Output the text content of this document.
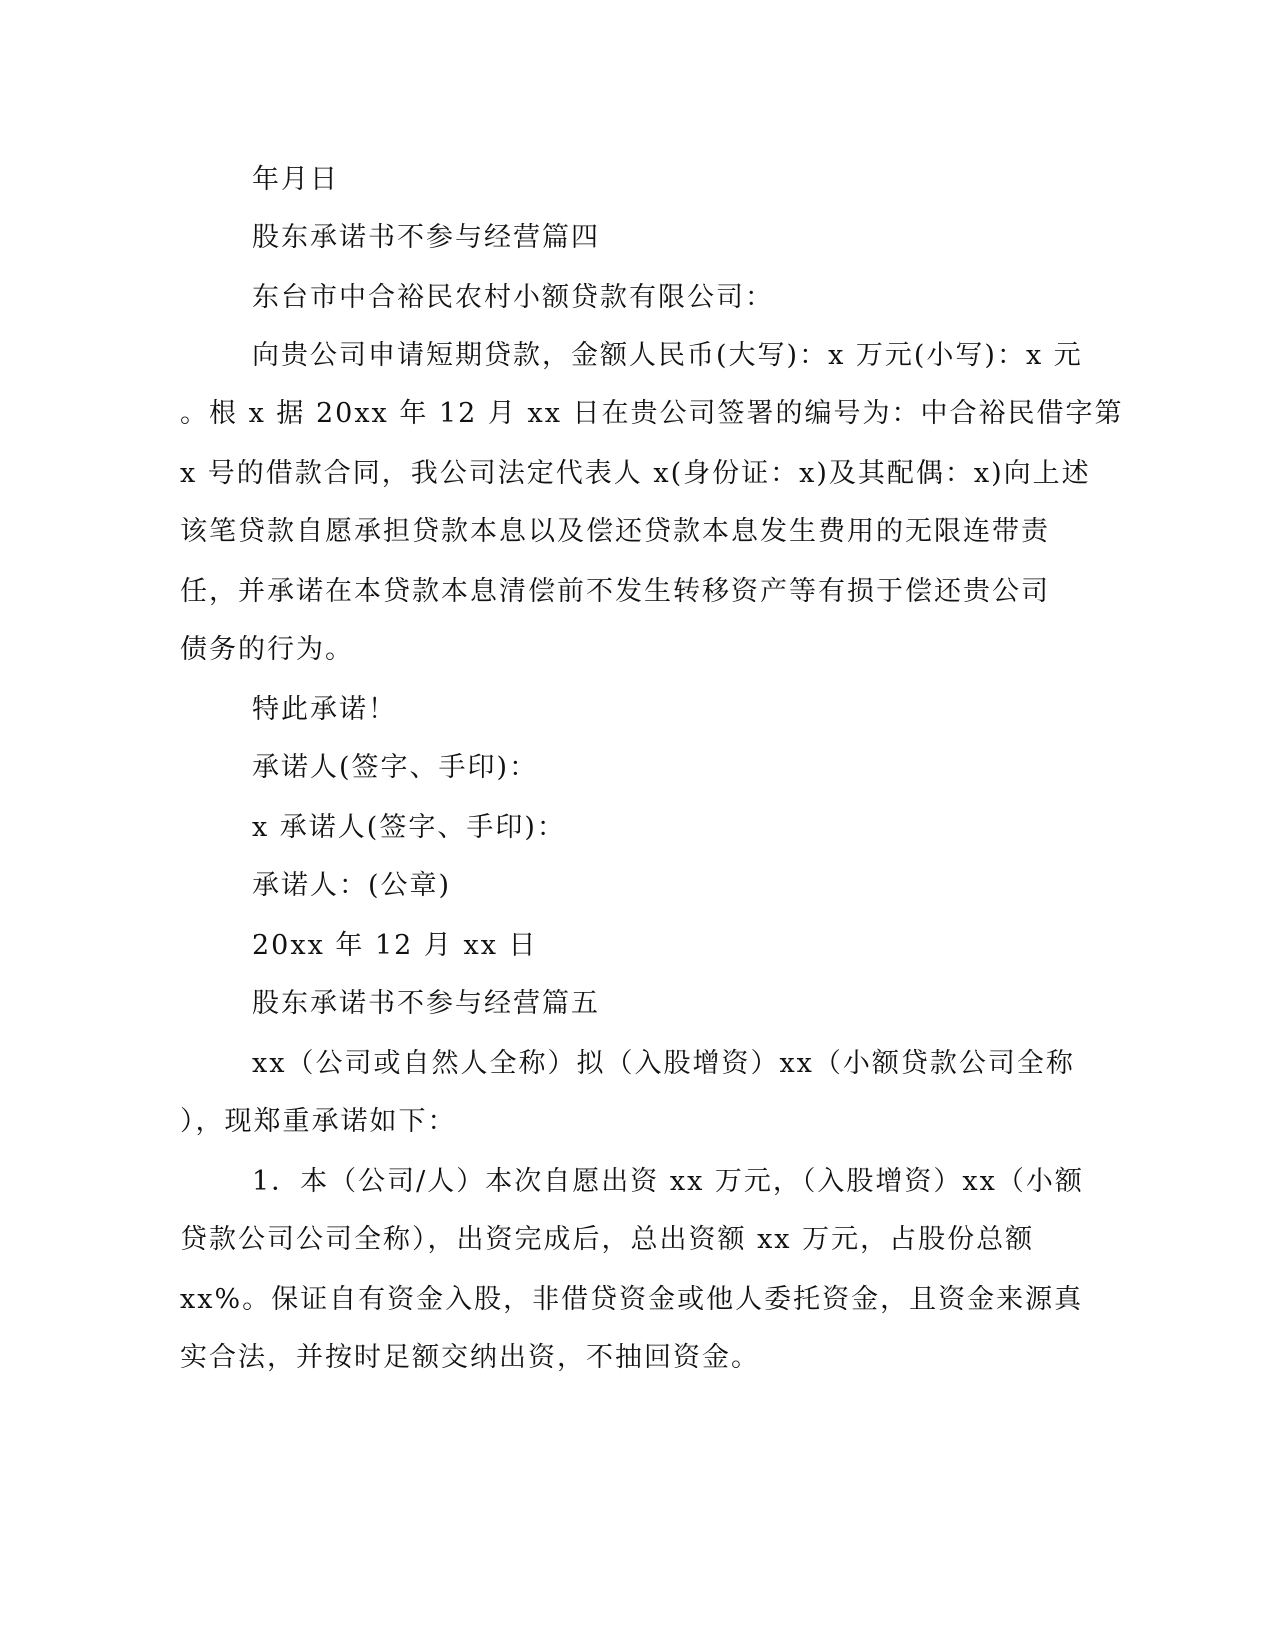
年月日
股东承诺书不参与经营篇四
东台市中合裕民农村小额贷款有限公司：
向贵公司申请短期贷款，金额人民币(大写)：x 万元(小写)：x 元
。根 x 据 20xx 年 12 月 xx 日在贵公司签署的编号为：中合裕民借字第
x 号的借款合同，我公司法定代表人 x(身份证：x)及其配偶：x)向上述
该笔贷款自愿承担贷款本息以及偿还贷款本息发生费用的无限连带责
任，并承诺在本贷款本息清偿前不发生转移资产等有损于偿还贵公司
债务的行为。
特此承诺！
承诺人(签字、手印)：
x 承诺人(签字、手印)：
承诺人：(公章)
20xx 年 12 月 xx 日
股东承诺书不参与经营篇五
xx（公司或自然人全称）拟（入股增资）xx（小额贷款公司全称
），现郑重承诺如下：
1．本（公司/人）本次自愿出资 xx 万元，（入股增资）xx（小额
贷款公司公司全称），出资完成后，总出资额 xx 万元，占股份总额
xx%。保证自有资金入股，非借贷资金或他人委托资金，且资金来源真
实合法，并按时足额交纳出资，不抽回资金。
